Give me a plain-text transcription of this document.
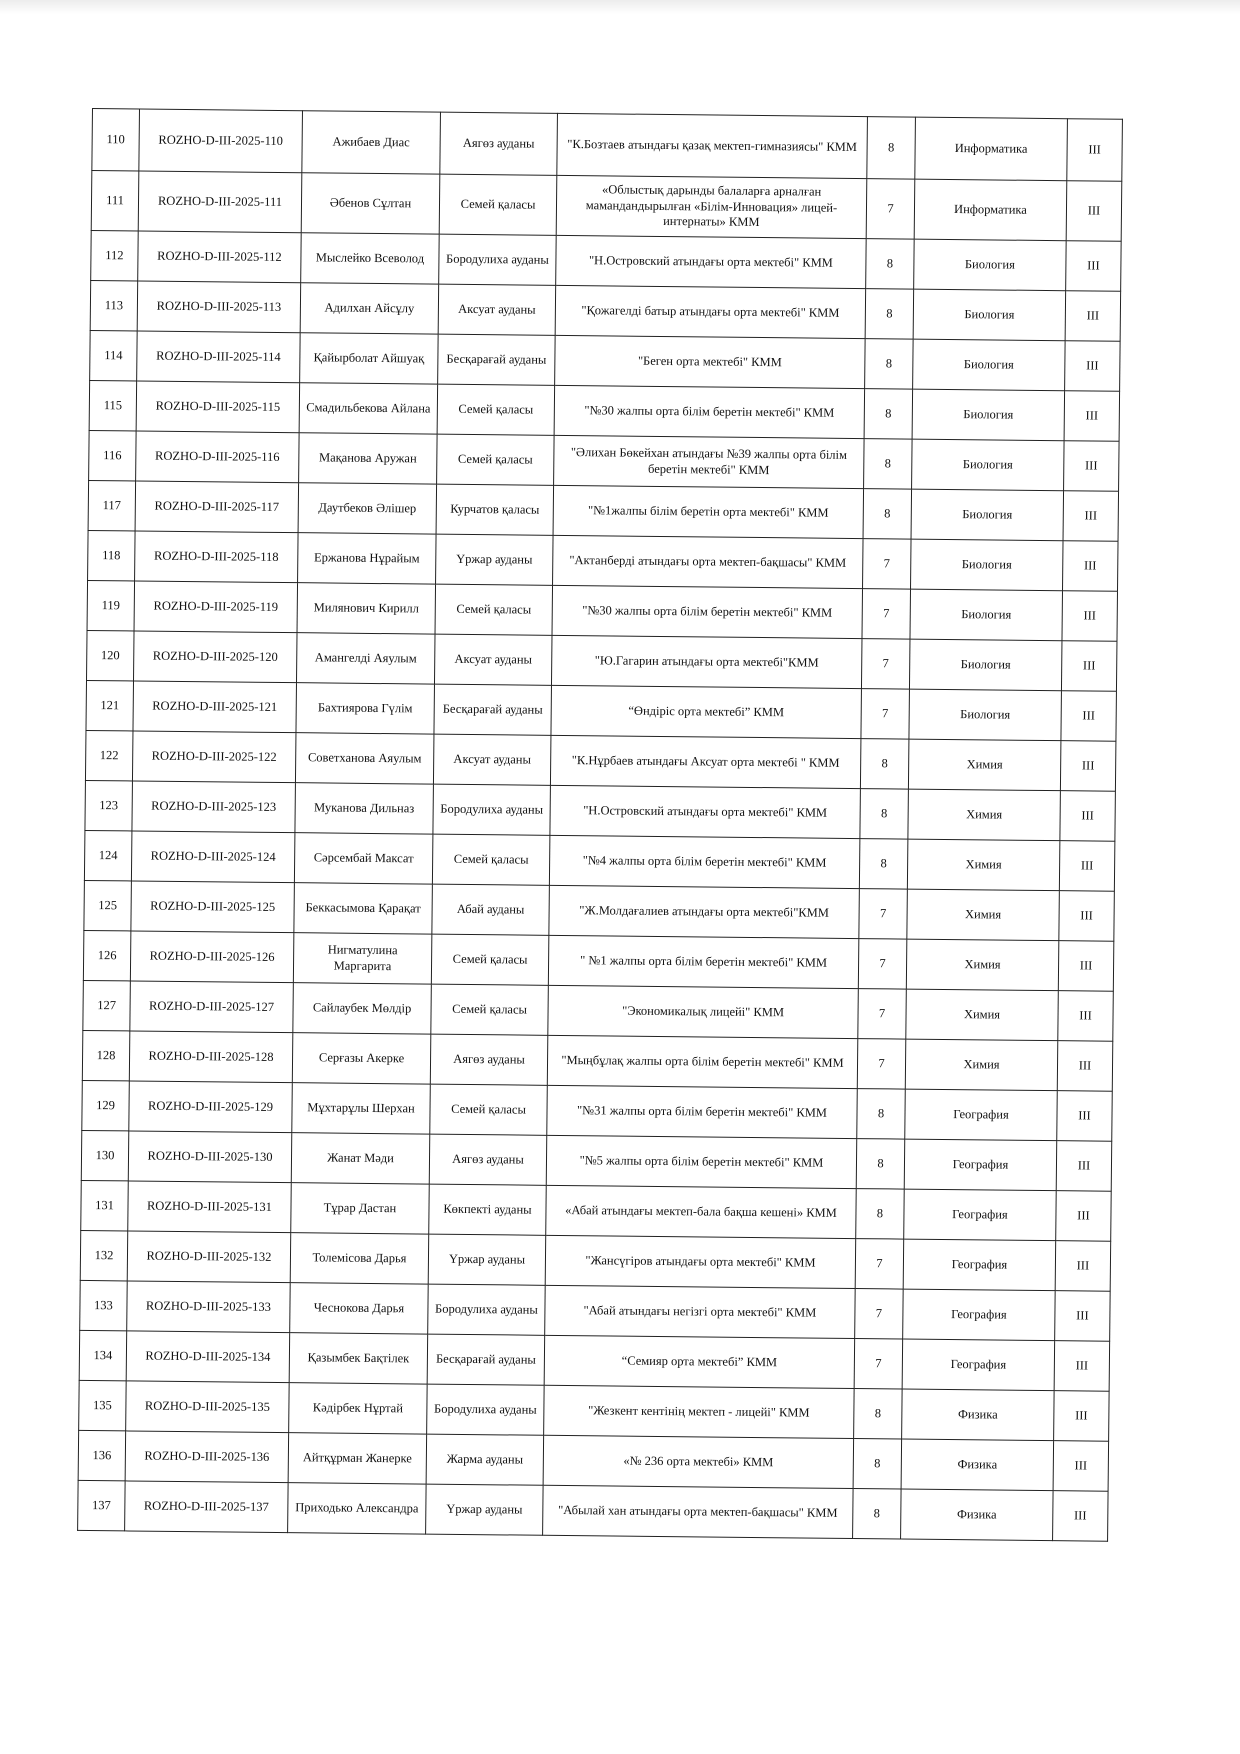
110	ROZHO-D-III-2025-110	Ажибаев Диас	Аягөз ауданы	"К.Бозтаев атындағы қазақ мектеп-гимназиясы" КММ	8	Информатика	III
111	ROZHO-D-III-2025-111	Әбенов Сұлтан	Семей қаласы	«Облыстық дарынды балаларға арналған мамандандырылған «Білім-Инновация» лицей-интернаты» КММ	7	Информатика	III
112	ROZHO-D-III-2025-112	Мыслейко Всеволод	Бородулиха ауданы	"Н.Островский атындағы орта мектебі" КММ	8	Биология	III
113	ROZHO-D-III-2025-113	Адилхан Айсұлу	Аксуат ауданы	"Қожагелді батыр атындағы орта мектебі" КММ	8	Биология	III
114	ROZHO-D-III-2025-114	Қайырболат Айшуақ	Бесқарағай ауданы	"Беген орта мектебі" КММ	8	Биология	III
115	ROZHO-D-III-2025-115	Смадильбекова Айлана	Семей қаласы	"№30 жалпы орта білім беретін мектебі" КММ	8	Биология	III
116	ROZHO-D-III-2025-116	Мақанова Аружан	Семей қаласы	"Әлихан Бөкейхан атындағы №39 жалпы орта білім беретін мектебі" КММ	8	Биология	III
117	ROZHO-D-III-2025-117	Даутбеков Әлішер	Курчатов қаласы	"№1жалпы білім беретін орта мектебі" КММ	8	Биология	III
118	ROZHO-D-III-2025-118	Ержанова Нұрайым	Үржар ауданы	"Актанберді атындағы орта мектеп-бақшасы" КММ	7	Биология	III
119	ROZHO-D-III-2025-119	Милянович Кирилл	Семей қаласы	"№30 жалпы орта білім беретін мектебі" КММ	7	Биология	III
120	ROZHO-D-III-2025-120	Амангелді Аяулым	Аксуат ауданы	"Ю.Гагарин атындағы орта мектебі"КММ	7	Биология	III
121	ROZHO-D-III-2025-121	Бахтиярова Гүлім	Бесқарағай ауданы	“Өндіріс орта мектебі” КММ	7	Биология	III
122	ROZHO-D-III-2025-122	Советханова Аяулым	Аксуат ауданы	"К.Нұрбаев атындағы Аксуат орта мектебі " КММ	8	Химия	III
123	ROZHO-D-III-2025-123	Муканова Дильназ	Бородулиха ауданы	"Н.Островский атындағы орта мектебі" КММ	8	Химия	III
124	ROZHO-D-III-2025-124	Сәрсембай Максат	Семей қаласы	"№4 жалпы орта білім беретін мектебі" КММ	8	Химия	III
125	ROZHO-D-III-2025-125	Беккасымова Қарақат	Абай ауданы	"Ж.Молдағалиев атындағы орта мектебі"КММ	7	Химия	III
126	ROZHO-D-III-2025-126	Нигматулина Маргарита	Семей қаласы	" №1 жалпы орта білім беретін мектебі" КММ	7	Химия	III
127	ROZHO-D-III-2025-127	Сайлаубек Мөлдір	Семей қаласы	"Экономикалық лицейі" КММ	7	Химия	III
128	ROZHO-D-III-2025-128	Серғазы Акерке	Аягөз ауданы	"Мыңбұлақ жалпы орта білім беретін мектебі" КММ	7	Химия	III
129	ROZHO-D-III-2025-129	Мұхтарұлы Шерхан	Семей қаласы	"№31 жалпы орта білім беретін мектебі" КММ	8	География	III
130	ROZHO-D-III-2025-130	Жанат Мәди	Аягөз ауданы	"№5 жалпы орта білім беретін мектебі" КММ	8	География	III
131	ROZHO-D-III-2025-131	Тұрар Дастан	Көкпекті ауданы	«Абай атындағы мектеп-бала бақша кешені» КММ	8	География	III
132	ROZHO-D-III-2025-132	Толемісова Дарья	Үржар ауданы	"Жансүгіров атындағы орта мектебі" КММ	7	География	III
133	ROZHO-D-III-2025-133	Чеснокова Дарья	Бородулиха ауданы	"Абай атындағы негізгі орта мектебі" КММ	7	География	III
134	ROZHO-D-III-2025-134	Қазымбек Бақтілек	Бесқарағай ауданы	“Семияр орта мектебі” КММ	7	География	III
135	ROZHO-D-III-2025-135	Кәдірбек Нұртай	Бородулиха ауданы	"Жезкент кентінің мектеп - лицейі" КММ	8	Физика	III
136	ROZHO-D-III-2025-136	Айтқұрман Жанерке	Жарма ауданы	«№ 236 орта мектебі» КММ	8	Физика	III
137	ROZHO-D-III-2025-137	Приходько Александра	Үржар ауданы	"Абылай хан атындағы орта мектеп-бақшасы" КММ	8	Физика	III
